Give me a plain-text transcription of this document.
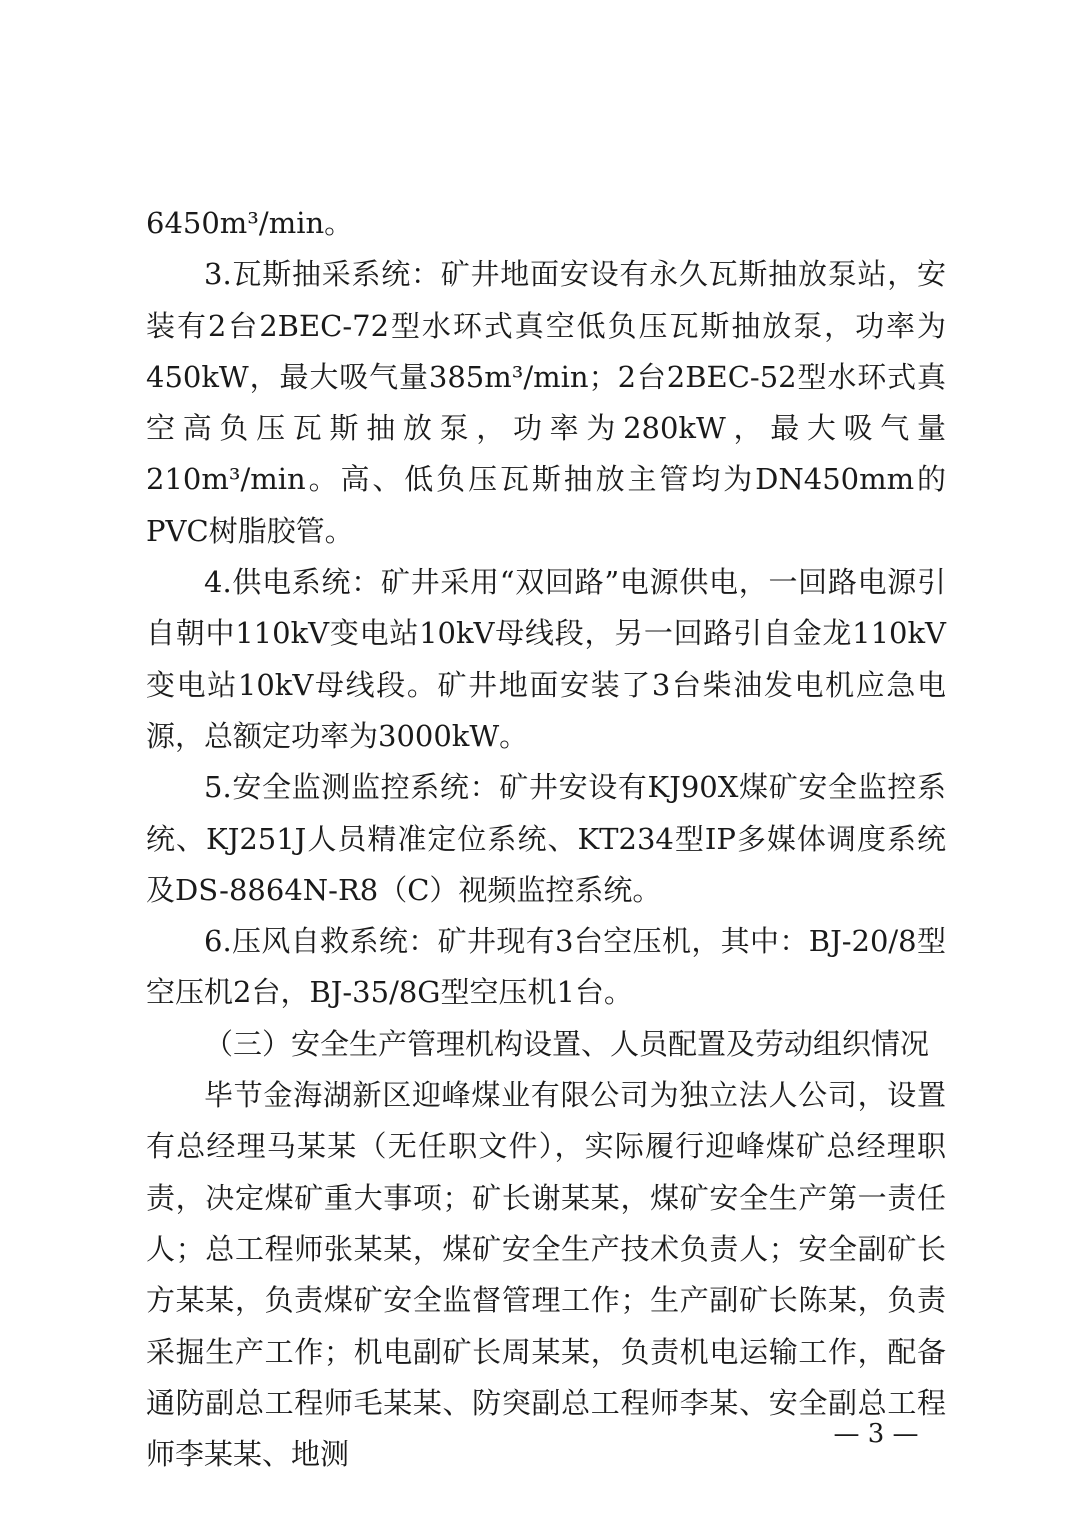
6450m³/min。

3.瓦斯抽采系统：矿井地面安设有永久瓦斯抽放泵站，安装有2台2BEC-72型水环式真空低负压瓦斯抽放泵，功率为450kW，最大吸气量385m³/min；2台2BEC-52型水环式真空高负压瓦斯抽放泵，功率为280kW，最大吸气量210m³/min。高、低负压瓦斯抽放主管均为DN450mm的PVC树脂胶管。

4.供电系统：矿井采用“双回路”电源供电，一回路电源引自朝中110kV变电站10kV母线段，另一回路引自金龙110kV变电站10kV母线段。矿井地面安装了3台柴油发电机应急电源，总额定功率为3000kW。

5.安全监测监控系统：矿井安设有KJ90X煤矿安全监控系统、KJ251J人员精准定位系统、KT234型IP多媒体调度系统及DS-8864N-R8（C）视频监控系统。

6.压风自救系统：矿井现有3台空压机，其中：BJ-20/8型空压机2台，BJ-35/8G型空压机1台。

（三）安全生产管理机构设置、人员配置及劳动组织情况

毕节金海湖新区迎峰煤业有限公司为独立法人公司，设置有总经理马某某（无任职文件），实际履行迎峰煤矿总经理职责，决定煤矿重大事项；矿长谢某某，煤矿安全生产第一责任人；总工程师张某某，煤矿安全生产技术负责人；安全副矿长方某某，负责煤矿安全监督管理工作；生产副矿长陈某，负责采掘生产工作；机电副矿长周某某，负责机电运输工作，配备通防副总工程师毛某某、防突副总工程师李某、安全副总工程师李某某、地测

— 3 —
